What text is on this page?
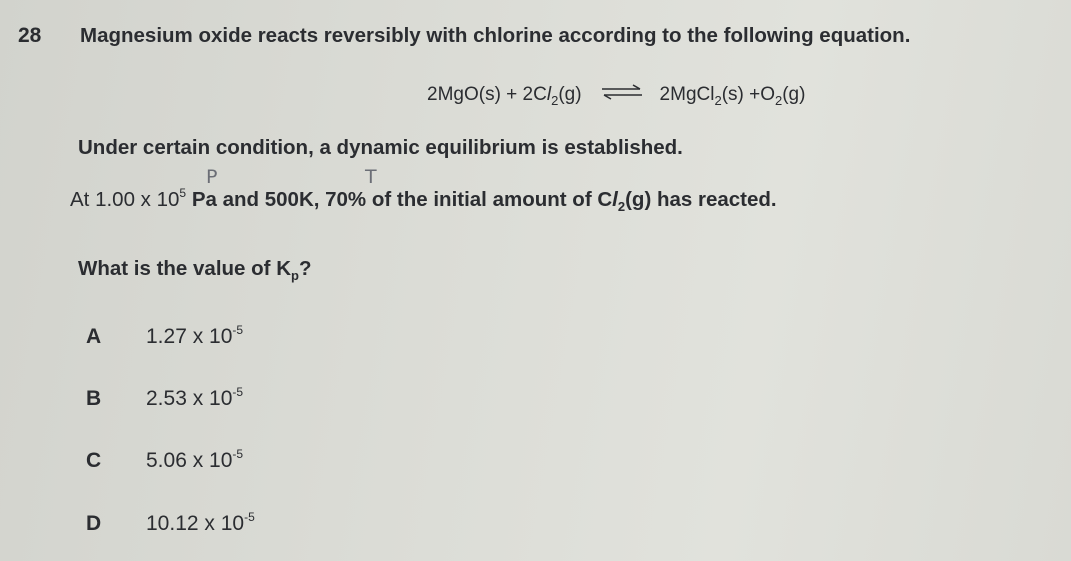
28 Magnesium oxide reacts reversibly with chlorine according to the following equation.
$2MgO(s) + 2Cl_2(g)$ ⇌ 2MgCl$_2$(s) $+O_2(g)$
Under certain condition, a dynamic equilibrium is established.
P	T
At 1.00 x $10^5$ Pa and 500K, 70% of the initial amount of $Cl_2(g)$ has reacted.
What is the value of $K_p$?
A 1.27 x $10^{-5}$
B 2.53 x $10^{-5}$
C 5.06 x $10^{-5}$
D 10.12 x $10^{-5}$
